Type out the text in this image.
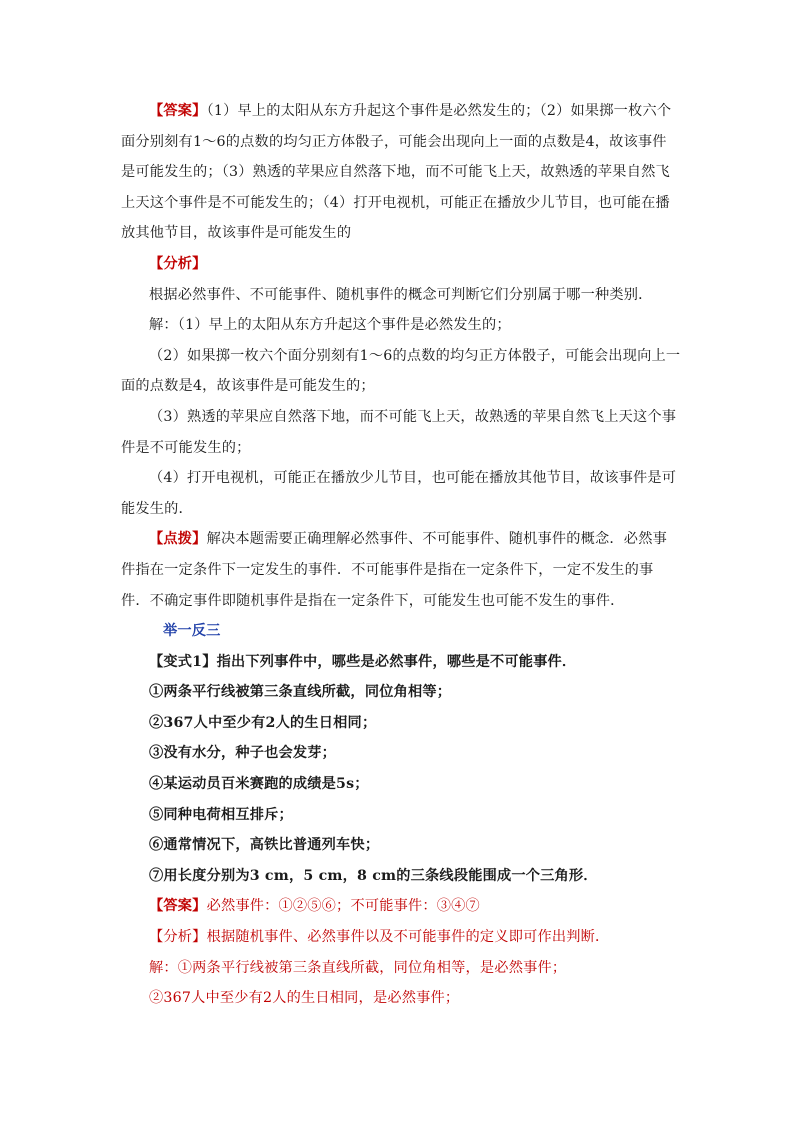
【答案】（1）早上的太阳从东方升起这个事件是必然发生的；（2）如果掷一枚六个面分别刻有1～6的点数的均匀正方体骰子，可能会出现向上一面的点数是4，故该事件是可能发生的；（3）熟透的苹果应自然落下地，而不可能飞上天，故熟透的苹果自然飞上天这个事件是不可能发生的；（4）打开电视机，可能正在播放少儿节目，也可能在播放其他节目，故该事件是可能发生的

【分析】

根据必然事件、不可能事件、随机事件的概念可判断它们分别属于哪一种类别．

解：（1）早上的太阳从东方升起这个事件是必然发生的；

（2）如果掷一枚六个面分别刻有1～6的点数的均匀正方体骰子，可能会出现向上一面的点数是4，故该事件是可能发生的；

（3）熟透的苹果应自然落下地，而不可能飞上天，故熟透的苹果自然飞上天这个事件是不可能发生的；

（4）打开电视机，可能正在播放少儿节目，也可能在播放其他节目，故该事件是可能发生的．

【点拨】解决本题需要正确理解必然事件、不可能事件、随机事件的概念．必然事件指在一定条件下一定发生的事件．不可能事件是指在一定条件下，一定不发生的事件．不确定事件即随机事件是指在一定条件下，可能发生也可能不发生的事件．

举一反三

【变式1】指出下列事件中，哪些是必然事件，哪些是不可能事件．

①两条平行线被第三条直线所截，同位角相等；

②367人中至少有2人的生日相同；

③没有水分，种子也会发芽；

④某运动员百米赛跑的成绩是5s；

⑤同种电荷相互排斥；

⑥通常情况下，高铁比普通列车快；

⑦用长度分别为3 cm，5 cm，8 cm的三条线段能围成一个三角形．

【答案】必然事件：①②⑤⑥；不可能事件：③④⑦

【分析】根据随机事件、必然事件以及不可能事件的定义即可作出判断．

解：①两条平行线被第三条直线所截，同位角相等，是必然事件；

②367人中至少有2人的生日相同，是必然事件；
